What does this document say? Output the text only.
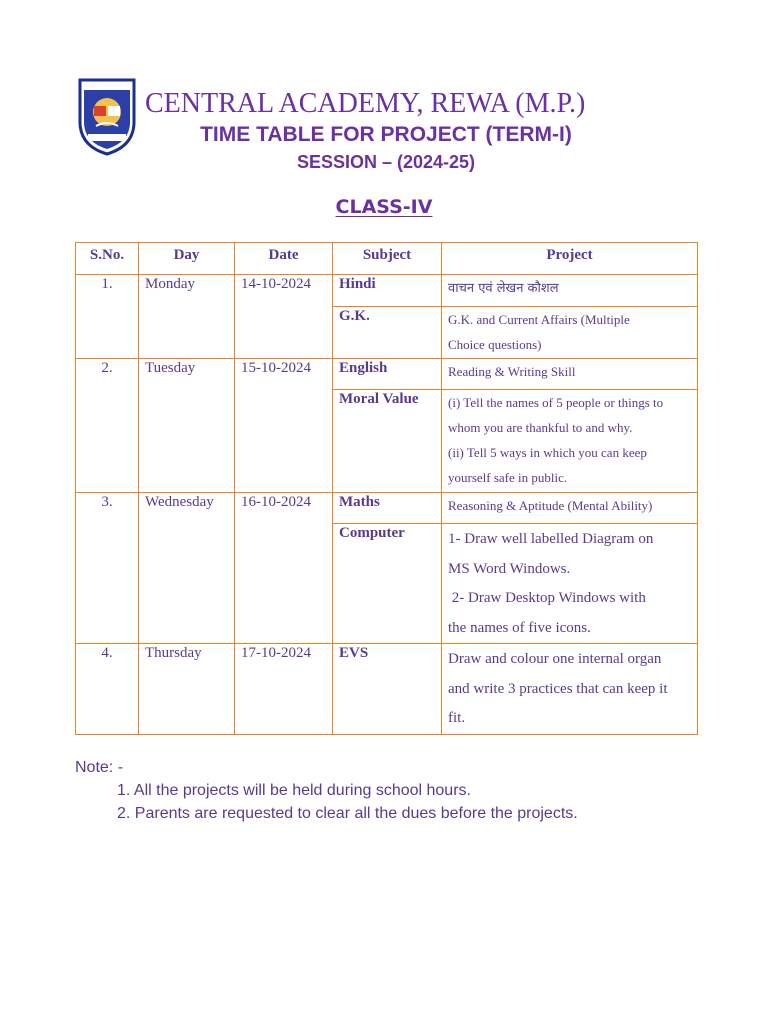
CENTRAL ACADEMY, REWA (M.P.)
TIME TABLE FOR PROJECT (TERM-I)
SESSION – (2024-25)
CLASS-IV
S.No.	Day	Date	Subject	Project
1.	Monday	14-10-2024	Hindi	वाचन एवं लेखन कौशल

			G.K.	G.K. and Current Affairs (Multiple
Choice questions)

2.	Tuesday	15-10-2024	English	Reading & Writing Skill

			Moral Value	(i) Tell the names of 5 people or things to
whom you are thankful to and why.
(ii) Tell 5 ways in which you can keep
yourself safe in public.

3.	Wednesday	16-10-2024	Maths	Reasoning & Aptitude (Mental Ability)

			Computer	1- Draw well labelled Diagram on
MS Word Windows.
2- Draw Desktop Windows with
the names of five icons.

4.	Thursday	17-10-2024	EVS	Draw and colour one internal organ
and write 3 practices that can keep it
fit.
Note: -
1. All the projects will be held during school hours.
2. Parents are requested to clear all the dues before the projects.
